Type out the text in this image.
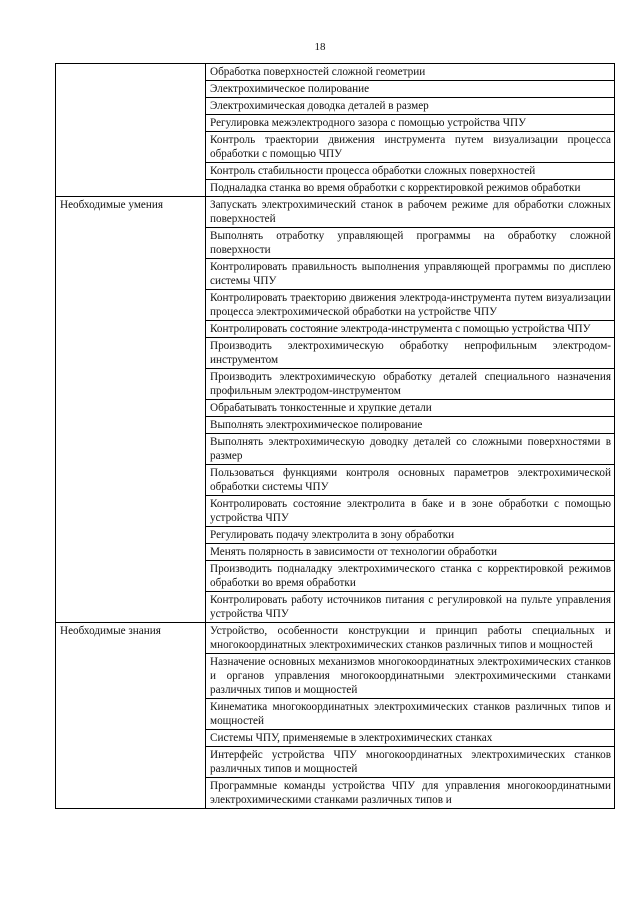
18
	Обработка поверхностей сложной геометрии
	Электрохимическое полирование
	Электрохимическая доводка деталей в размер
	Регулировка межэлектродного зазора с помощью устройства ЧПУ
	Контроль траектории движения инструмента путем визуализации процесса обработки с помощью ЧПУ
	Контроль стабильности процесса обработки сложных поверхностей
	Подналадка станка во время обработки с корректировкой режимов обработки
Необходимые умения	Запускать электрохимический станок в рабочем режиме для обработки сложных поверхностей
	Выполнять отработку управляющей программы на обработку сложной поверхности
	Контролировать правильность выполнения управляющей программы по дисплею системы ЧПУ
	Контролировать траекторию движения электрода-инструмента путем визуализации процесса электрохимической обработки на устройстве ЧПУ
	Контролировать состояние электрода-инструмента с помощью устройства ЧПУ
	Производить электрохимическую обработку непрофильным электродом-инструментом
	Производить электрохимическую обработку деталей специального назначения профильным электродом-инструментом
	Обрабатывать тонкостенные и хрупкие детали
	Выполнять электрохимическое полирование
	Выполнять электрохимическую доводку деталей со сложными поверхностями в размер
	Пользоваться функциями контроля основных параметров электрохимической обработки системы ЧПУ
	Контролировать состояние электролита в баке и в зоне обработки с помощью устройства ЧПУ
	Регулировать подачу электролита в зону обработки
	Менять полярность в зависимости от технологии обработки
	Производить подналадку электрохимического станка с корректировкой режимов обработки во время обработки
	Контролировать работу источников питания с регулировкой на пульте управления устройства ЧПУ
Необходимые знания	Устройство, особенности конструкции и принцип работы специальных и многокоординатных электрохимических станков различных типов и мощностей
	Назначение основных механизмов многокоординатных электрохимических станков и органов управления многокоординатными электрохимическими станками различных типов и мощностей
	Кинематика многокоординатных электрохимических станков различных типов и мощностей
	Системы ЧПУ, применяемые в электрохимических станках
	Интерфейс устройства ЧПУ многокоординатных электрохимических станков различных типов и мощностей
	Программные команды устройства ЧПУ для управления многокоординатными электрохимическими станками различных типов и
